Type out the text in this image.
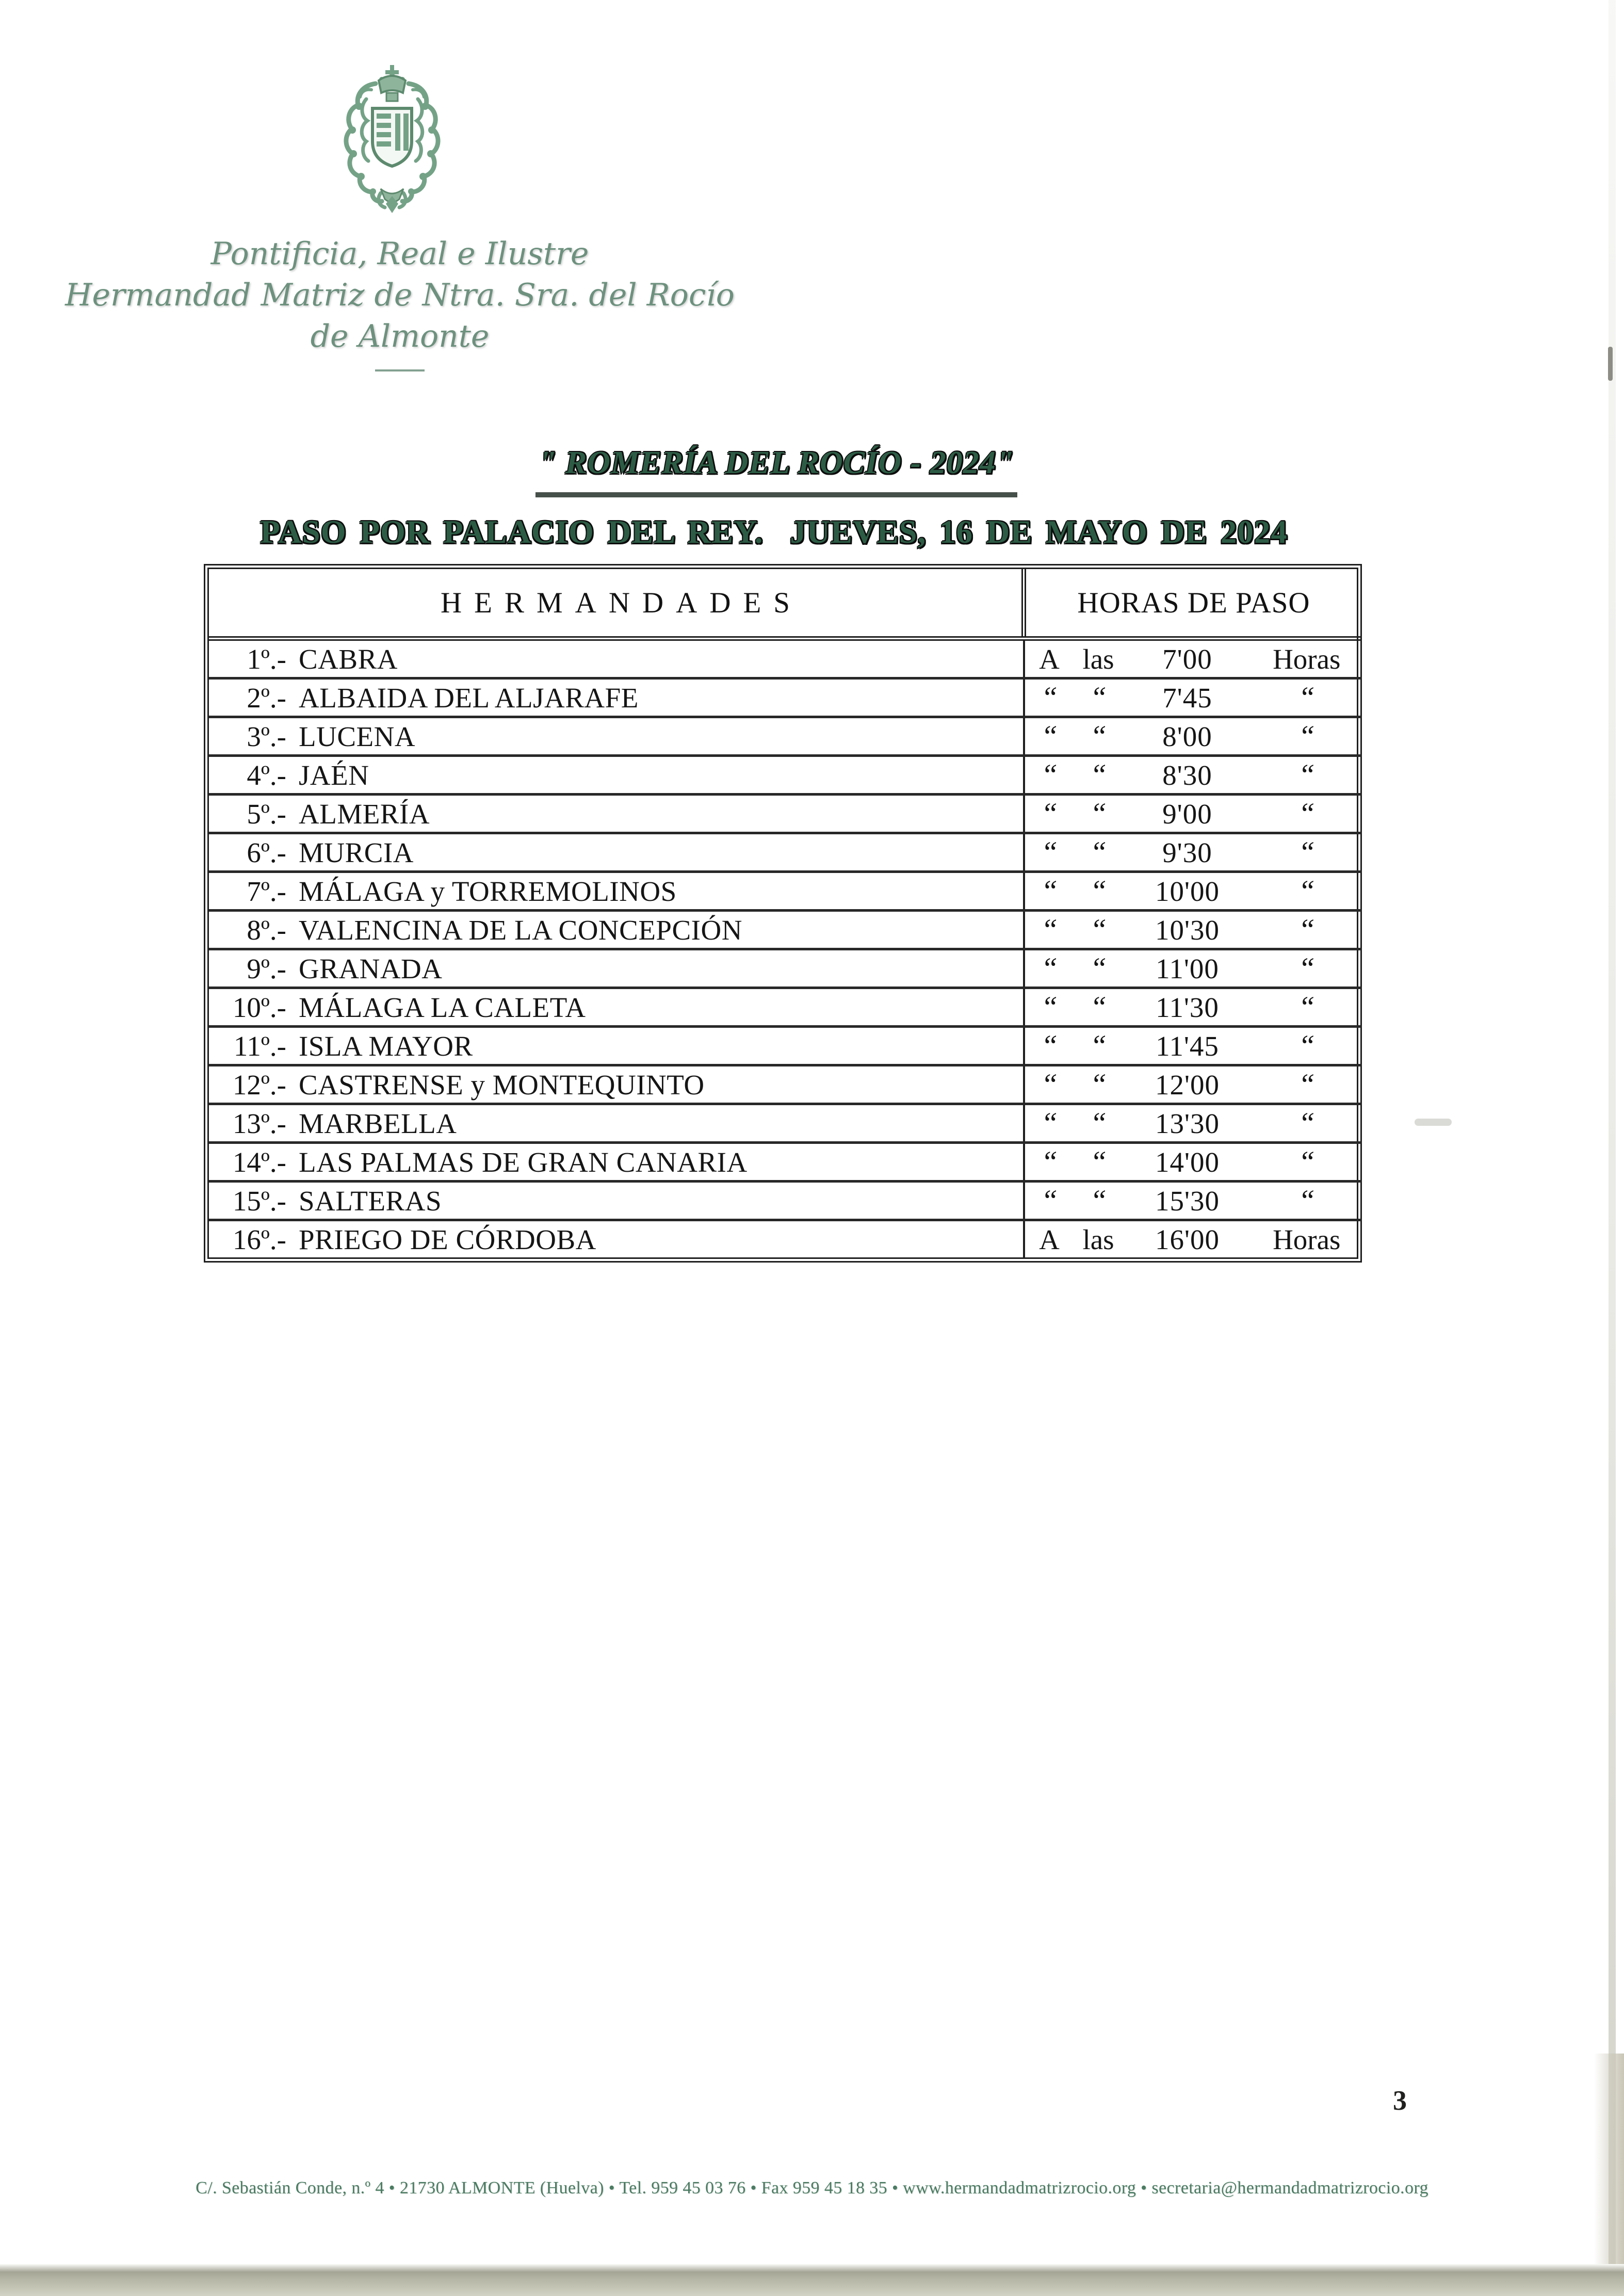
Pontificia, Real e Ilustre
Hermandad Matriz de Ntra. Sra. del Rocío
de Almonte
" ROMERÍA DEL ROCÍO - 2024"
PASO POR PALACIO DEL REY.  JUEVES, 16 DE MAYO DE 2024
HERMANDADES	HORAS DE PASO
1º.- CABRA	A las 7'00 Horas

2º.- ALBAIDA DEL ALJARAFE	“ “ 7'45 “

3º.- LUCENA	“ “ 8'00 “

4º.- JAÉN	“ “ 8'30 “

5º.- ALMERÍA	“ “ 9'00 “

6º.- MURCIA	“ “ 9'30 “

7º.- MÁLAGA y TORREMOLINOS	“ “ 10'00 “

8º.- VALENCINA DE LA CONCEPCIÓN	“ “ 10'30 “

9º.- GRANADA	“ “ 11'00 “

10º.- MÁLAGA LA CALETA	“ “ 11'30 “

11º.- ISLA MAYOR	“ “ 11'45 “

12º.- CASTRENSE y MONTEQUINTO	“ “ 12'00 “

13º.- MARBELLA	“ “ 13'30 “

14º.- LAS PALMAS DE GRAN CANARIA	“ “ 14'00 “

15º.- SALTERAS	“ “ 15'30 “

16º.- PRIEGO DE CÓRDOBA	A las 16'00 Horas
3
C/. Sebastián Conde, n.º 4 • 21730 ALMONTE (Huelva) • Tel. 959 45 03 76 • Fax 959 45 18 35 • www.hermandadmatrizrocio.org • secretaria@hermandadmatrizrocio.org
